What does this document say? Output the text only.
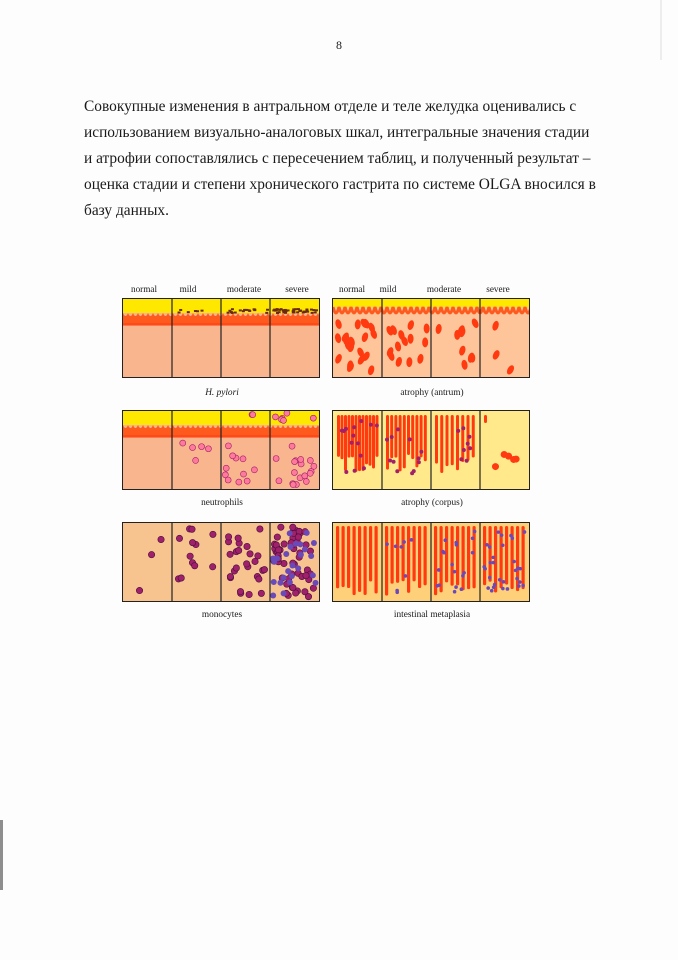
8

Совокупные изменения в антральном отделе и теле желудка оценивались с

использованием визуально-аналоговых шкал, интегральные значения стадии

и атрофии сопоставлялись с пересечением таблиц, и полученный результат –

оценка стадии и степени хронического гастрита по системе OLGA вносился в

базу данных.

normal mild	moderate	severe	normal mild	moderate	severe
H. pylori	atrophy (antrum)
neutrophils	atrophy (corpus)
monocytes	intestinal metaplasia
